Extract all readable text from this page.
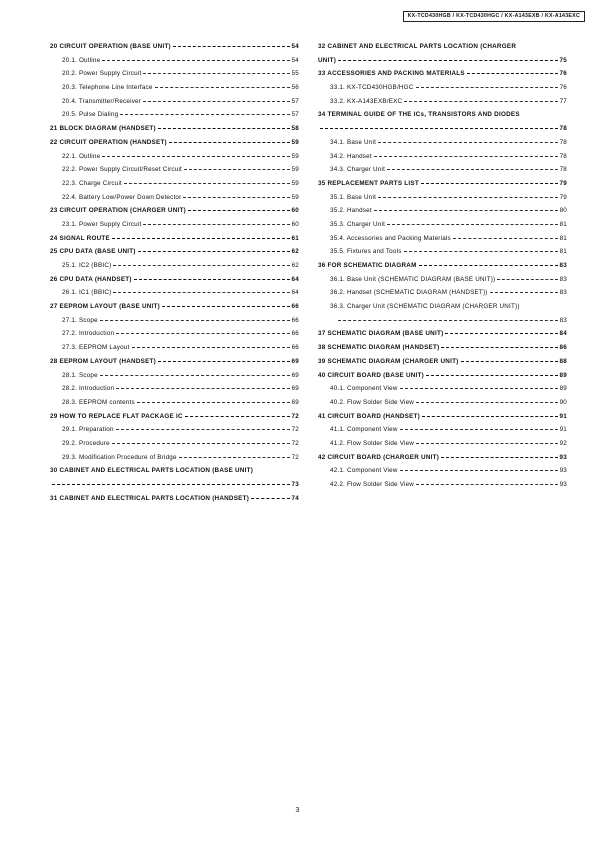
KX-TCD430HGB / KX-TCD430HGC / KX-A143EXB / KX-A143EXC
20 CIRCUIT OPERATION (BASE UNIT)	54
20.1. Outline	54
20.2. Power Supply Circuit	55
20.3. Telephone Line Interface	56
20.4. Transmitter/Receiver	57
20.5. Pulse Dialing	57
21 BLOCK DIAGRAM (HANDSET)	58
22 CIRCUIT OPERATION (HANDSET)	59
22.1. Outline	59
22.2. Power Supply Circuit/Reset Circuit	59
22.3. Charge Circuit	59
22.4. Battery Low/Power Down Detector	59
23 CIRCUIT OPERATION (CHARGER UNIT)	60
23.1. Power Supply Circuit	60
24 SIGNAL ROUTE	61
25 CPU DATA (BASE UNIT)	62
25.1. IC2 (BBIC)	62
26 CPU DATA (HANDSET)	64
26.1. IC1 (BBIC)	64
27 EEPROM LAYOUT (BASE UNIT)	66
27.1. Scope	66
27.2. Introduction	66
27.3. EEPROM Layout	66
28 EEPROM LAYOUT (HANDSET)	69
28.1. Scope	69
28.2. Introduction	69
28.3. EEPROM contents	69
29 HOW TO REPLACE FLAT PACKAGE IC	72
29.1. Preparation	72
29.2. Procedure	72
29.3. Modification Procedure of Bridge	72
30 CABINET AND ELECTRICAL PARTS LOCATION (BASE UNIT)
73
31 CABINET AND ELECTRICAL PARTS LOCATION (HANDSET)	74
32 CABINET AND ELECTRICAL PARTS LOCATION (CHARGER
UNIT)	75
33 ACCESSORIES AND PACKING MATERIALS	76
33.1. KX-TCD430HGB/HGC	76
33.2. KX-A143EXB/EXC	77
34 TERMINAL GUIDE OF THE ICs, TRANSISTORS AND DIODES
78
34.1. Base Unit	78
34.2. Handset	78
34.3. Charger Unit	78
35 REPLACEMENT PARTS LIST	79
35.1. Base Unit	79
35.2. Handset	80
35.3. Charger Unit	81
35.4. Accessories and Packing Materials	81
35.5. Fixtures and Tools	81
36 FOR SCHEMATIC DIAGRAM	83
36.1. Base Unit (SCHEMATIC DIAGRAM (BASE UNIT))	83
36.2. Handset (SCHEMATIC DIAGRAM (HANDSET))	83
36.3. Charger Unit (SCHEMATIC DIAGRAM (CHARGER UNIT))
83
37 SCHEMATIC DIAGRAM (BASE UNIT)	84
38 SCHEMATIC DIAGRAM (HANDSET)	86
39 SCHEMATIC DIAGRAM (CHARGER UNIT)	88
40 CIRCUIT BOARD (BASE UNIT)	89
40.1. Component View	89
40.2. Flow Solder Side View	90
41 CIRCUIT BOARD (HANDSET)	91
41.1. Component View	91
41.2. Flow Solder Side View	92
42 CIRCUIT BOARD (CHARGER UNIT)	93
42.1. Component View	93
42.2. Flow Solder Side View	93
3
